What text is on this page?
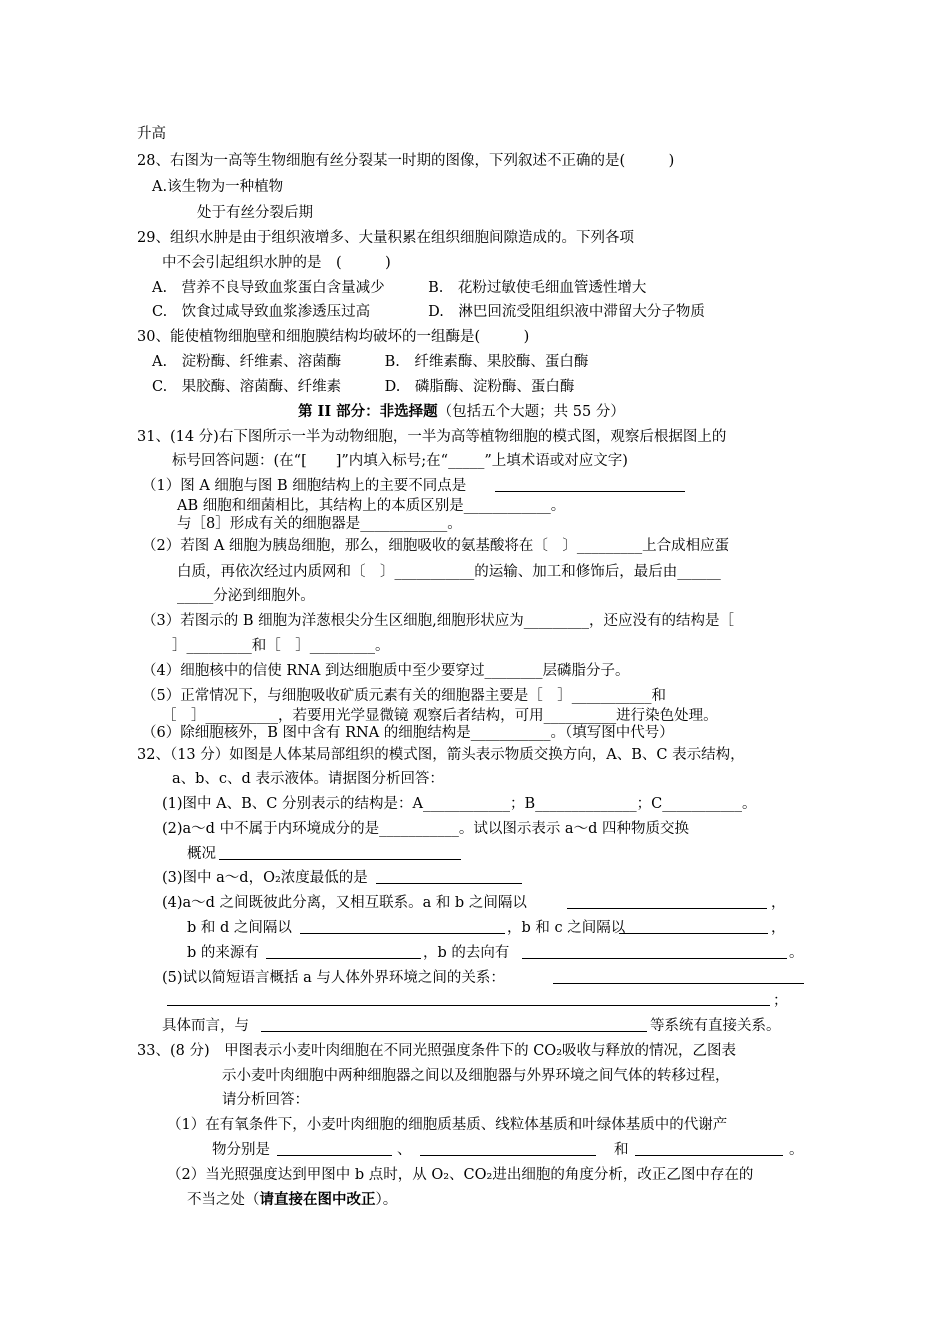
升高
28、右图为一高等生物细胞有丝分裂某一时期的图像，下列叙述不正确的是(　　　)
A.该生物为一种植物
处于有丝分裂后期
29、组织水肿是由于组织液增多、大量积累在组织细胞间隙造成的。下列各项
中不会引起组织水肿的是　(　　　)
A.　营养不良导致血浆蛋白含量减少　　　B.　花粉过敏使毛细血管透性增大
C.　饮食过咸导致血浆渗透压过高　　　　D.　淋巴回流受阻组织液中滞留大分子物质
30、能使植物细胞壁和细胞膜结构均破坏的一组酶是(　　　)
A.　淀粉酶、纤维素、溶菌酶　　　B.　纤维素酶、果胶酶、蛋白酶
C.　果胶酶、溶菌酶、纤维素　　　D.　磷脂酶、淀粉酶、蛋白酶
第 II 部分：非选择题（包括五个大题；共 55 分）
31、(14 分)右下图所示一半为动物细胞，一半为高等植物细胞的模式图，观察后根据图上的
标号回答问题：(在“[　　]”内填入标号;在“_____”上填术语或对应文字)
（1）图 A 细胞与图 B 细胞结构上的主要不同点是
AB 细胞和细菌相比，其结构上的本质区别是____________。
与［8］形成有关的细胞器是____________。
（2）若图 A 细胞为胰岛细胞，那么，细胞吸收的氨基酸将在〔　〕_________上合成相应蛋
白质，再依次经过内质网和〔　〕___________的运输、加工和修饰后，最后由______
_____分泌到细胞外。
（3）若图示的 B 细胞为洋葱根尖分生区细胞,细胞形状应为_________，还应没有的结构是［
］_________和［　］_________。
（4）细胞核中的信使 RNA 到达细胞质中至少要穿过________层磷脂分子。
（5）正常情况下，与细胞吸收矿质元素有关的细胞器主要是［　］___________和
［　］__________，若要用光学显微镜 观察后者结构，可用__________进行染色处理。
（6）除细胞核外，B 图中含有 RNA 的细胞结构是___________。（填写图中代号）
32、（13 分）如图是人体某局部组织的模式图，箭头表示物质交换方向，A、B、C 表示结构，
a、b、c、d 表示液体。请据图分析回答：
(1)图中 A、B、C 分别表示的结构是：A____________；B______________；C___________。
(2)a～d 中不属于内环境成分的是___________。试以图示表示 a～d 四种物质交换
概况
(3)图中 a～d，O₂浓度最低的是
(4)a～d 之间既彼此分离，又相互联系。a 和 b 之间隔以	，
b 和 d 之间隔以	，b 和 c 之间隔以	，
b 的来源有	，b 的去向有	。
(5)试以简短语言概括 a 与人体外界环境之间的关系：
；
具体而言，与	等系统有直接关系。
33、(8 分)　甲图表示小麦叶肉细胞在不同光照强度条件下的 CO₂吸收与释放的情况，乙图表
示小麦叶肉细胞中两种细胞器之间以及细胞器与外界环境之间气体的转移过程，
请分析回答：
（1）在有氧条件下，小麦叶肉细胞的细胞质基质、线粒体基质和叶绿体基质中的代谢产
物分别是	、	和	。
（2）当光照强度达到甲图中 b 点时，从 O₂、CO₂进出细胞的角度分析，改正乙图中存在的
不当之处（请直接在图中改正）。
